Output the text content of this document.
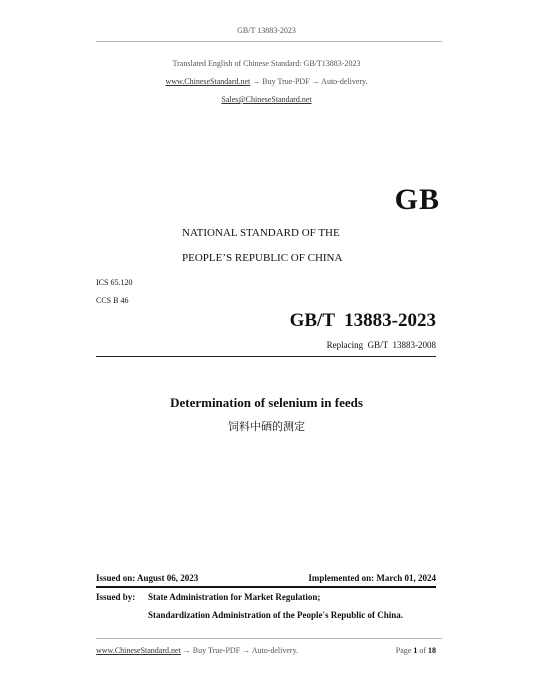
GB/T 13883-2023
Translated English of Chinese Standard: GB/T13883-2023
www.ChineseStandard.net → Buy True-PDF → Auto-delivery.
Sales@ChineseStandard.net
GB
NATIONAL STANDARD OF THE
PEOPLE’S REPUBLIC OF CHINA
ICS 65.120
CCS B 46
GB/T  13883-2023
Replacing  GB/T  13883-2008
Determination of selenium in feeds
饲料中硒的测定
Issued on: August 06, 2023	Implemented on: March 01, 2024
Issued by: State Administration for Market Regulation;
Standardization Administration of the People's Republic of China.
www.ChineseStandard.net → Buy True-PDF → Auto-delivery.	Page 1 of 18
